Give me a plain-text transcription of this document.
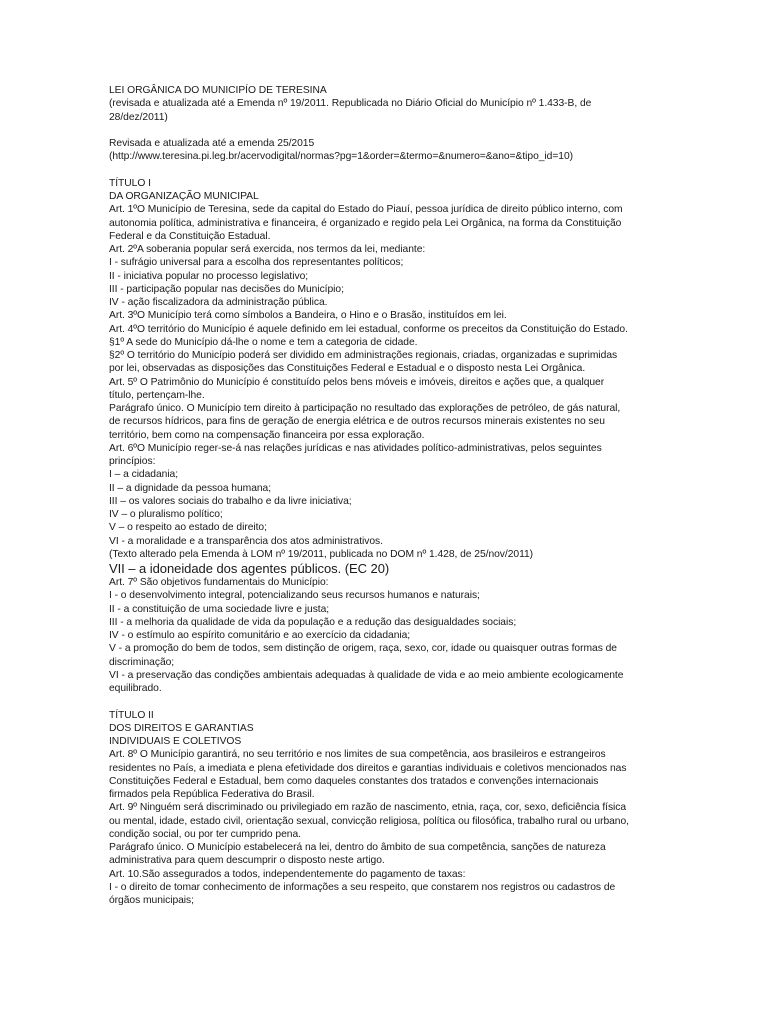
LEI ORGÂNICA DO MUNICIPÍO DE TERESINA

(revisada e atualizada até a Emenda nº 19/2011. Republicada no Diário Oficial do Município nº 1.433-B, de

28/dez/2011)

Revisada e atualizada até a emenda 25/2015

(http://www.teresina.pi.leg.br/acervodigital/normas?pg=1&order=&termo=&numero=&ano=&tipo_id=10)

TÍTULO I

DA ORGANIZAÇÃO MUNICIPAL

Art. 1ºO Município de Teresina, sede da capital do Estado do Piauí, pessoa jurídica de direito público interno, com

autonomia política, administrativa e financeira, é organizado e regido pela Lei Orgânica, na forma da Constituição

Federal e da Constituição Estadual.

Art. 2ºA soberania popular será exercida, nos termos da lei, mediante:

I - sufrágio universal para a escolha dos representantes políticos;

II - iniciativa popular no processo legislativo;

III - participação popular nas decisões do Município;

IV - ação fiscalizadora da administração pública.

Art. 3ºO Município terá como símbolos a Bandeira, o Hino e o Brasão, instituídos em lei.

Art. 4ºO território do Município é aquele definido em lei estadual, conforme os preceitos da Constituição do Estado.

§1º A sede do Município dá-lhe o nome e tem a categoria de cidade.

§2º O território do Município poderá ser dividido em administrações regionais, criadas, organizadas e suprimidas

por lei, observadas as disposições das Constituições Federal e Estadual e o disposto nesta Lei Orgânica.

Art. 5º O Patrimônio do Município é constituído pelos bens móveis e imóveis, direitos e ações que, a qualquer

título, pertençam-lhe.

Parágrafo único. O Município tem direito à participação no resultado das explorações de petróleo, de gás natural,

de recursos hídricos, para fins de geração de energia elétrica e de outros recursos minerais existentes no seu

território, bem como na compensação financeira por essa exploração.

Art. 6ºO Município reger-se-á nas relações jurídicas e nas atividades político-administrativas, pelos seguintes

princípios:

I – a cidadania;

II – a dignidade da pessoa humana;

III – os valores sociais do trabalho e da livre iniciativa;

IV – o pluralismo político;

V – o respeito ao estado de direito;

VI - a moralidade e a transparência dos atos administrativos.

(Texto alterado pela Emenda à LOM nº 19/2011, publicada no DOM nº 1.428, de 25/nov/2011)

VII – a idoneidade dos agentes públicos. (EC 20)

Art. 7º São objetivos fundamentais do Município:

I - o desenvolvimento integral, potencializando seus recursos humanos e naturais;

II - a constituição de uma sociedade livre e justa;

III - a melhoria da qualidade de vida da população e a redução das desigualdades sociais;

IV - o estímulo ao espírito comunitário e ao exercício da cidadania;

V - a promoção do bem de todos, sem distinção de origem, raça, sexo, cor, idade ou quaisquer outras formas de

discriminação;

VI - a preservação das condições ambientais adequadas à qualidade de vida e ao meio ambiente ecologicamente

equilibrado.

TÍTULO II

DOS DIREITOS E GARANTIAS

INDIVIDUAIS E COLETIVOS

Art. 8º O Município garantirá, no seu território e nos limites de sua competência, aos brasileiros e estrangeiros

residentes no País, a imediata e plena efetividade dos direitos e garantias individuais e coletivos mencionados nas

Constituições Federal e Estadual, bem como daqueles constantes dos tratados e convenções internacionais

firmados pela República Federativa do Brasil.

Art. 9º Ninguém será discriminado ou privilegiado em razão de nascimento, etnia, raça, cor, sexo, deficiência física

ou mental, idade, estado civil, orientação sexual, convicção religiosa, política ou filosófica, trabalho rural ou urbano,

condição social, ou por ter cumprido pena.

Parágrafo único. O Município estabelecerá na lei, dentro do âmbito de sua competência, sanções de natureza

administrativa para quem descumprir o disposto neste artigo.

Art. 10.São assegurados a todos, independentemente do pagamento de taxas:

I - o direito de tomar conhecimento de informações a seu respeito, que constarem nos registros ou cadastros de

órgãos municipais;
